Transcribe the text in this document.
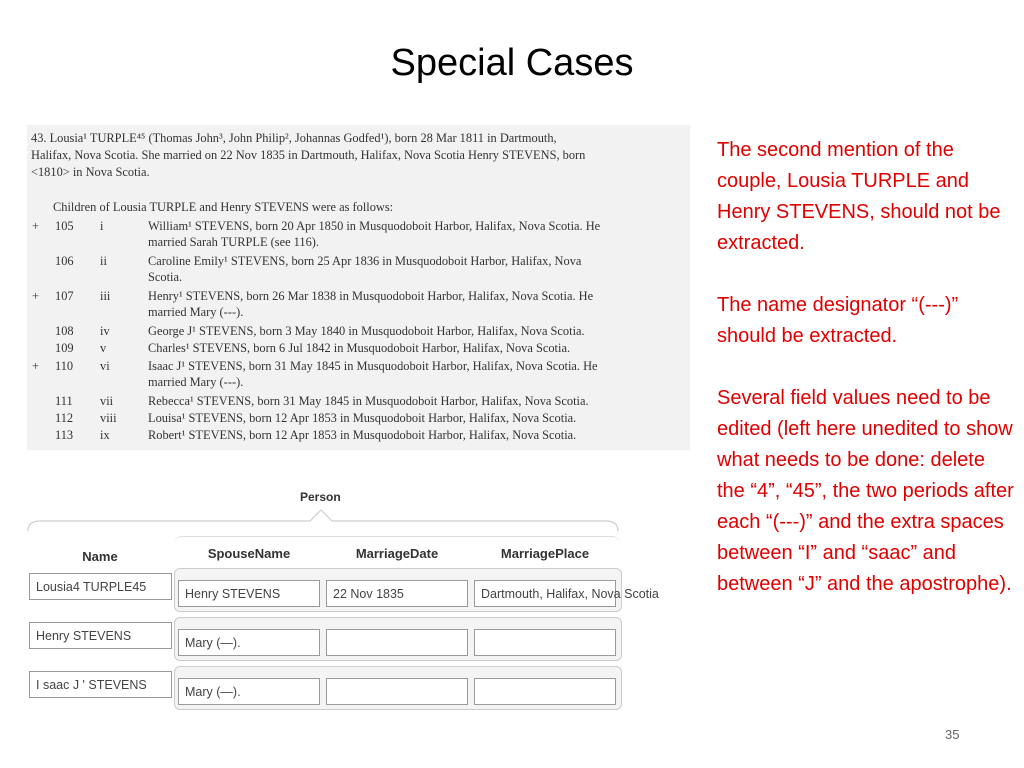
Special Cases
43. Lousia¹ TURPLE⁴⁵ (Thomas John³, John Philip², Johannas Godfed¹), born 28 Mar 1811 in Dartmouth,
Halifax, Nova Scotia. She married on 22 Nov 1835 in Dartmouth, Halifax, Nova Scotia Henry STEVENS, born
<1810> in Nova Scotia.
Children of Lousia TURPLE and Henry STEVENS were as follows:
+ 105 i	William¹ STEVENS, born 20 Apr 1850 in Musquodoboit Harbor, Halifax, Nova Scotia. He
married Sarah TURPLE (see 116).
106 ii	Caroline Emily¹ STEVENS, born 25 Apr 1836 in Musquodoboit Harbor, Halifax, Nova
Scotia.
+ 107 iii	Henry¹ STEVENS, born 26 Mar 1838 in Musquodoboit Harbor, Halifax, Nova Scotia. He
married Mary (---).
108 iv	George J¹ STEVENS, born 3 May 1840 in Musquodoboit Harbor, Halifax, Nova Scotia.
109 v	Charles¹ STEVENS, born 6 Jul 1842 in Musquodoboit Harbor, Halifax, Nova Scotia.
+ 110 vi	Isaac J¹ STEVENS, born 31 May 1845 in Musquodoboit Harbor, Halifax, Nova Scotia. He
married Mary (---).
111 vii	Rebecca¹ STEVENS, born 31 May 1845 in Musquodoboit Harbor, Halifax, Nova Scotia.
112 viii	Louisa¹ STEVENS, born 12 Apr 1853 in Musquodoboit Harbor, Halifax, Nova Scotia.
113 ix	Robert¹ STEVENS, born 12 Apr 1853 in Musquodoboit Harbor, Halifax, Nova Scotia.

The second mention of the couple, Lousia TURPLE and Henry STEVENS, should not be extracted.

The name designator “(---)” should be extracted.

Several field values need to be edited (left here unedited to show what needs to be done: delete the “4”, “45”, the two periods after each “(---)” and the extra spaces between “I” and “saac” and between “J” and the apostrophe).

Person
Name	SpouseName	MarriageDate	MarriagePlace
Lousia4 TURPLE45	Henry STEVENS	22 Nov 1835	Dartmouth, Halifax, Nova Scotia
Henry STEVENS	Mary (—).
I saac J ' STEVENS	Mary (—).
35
